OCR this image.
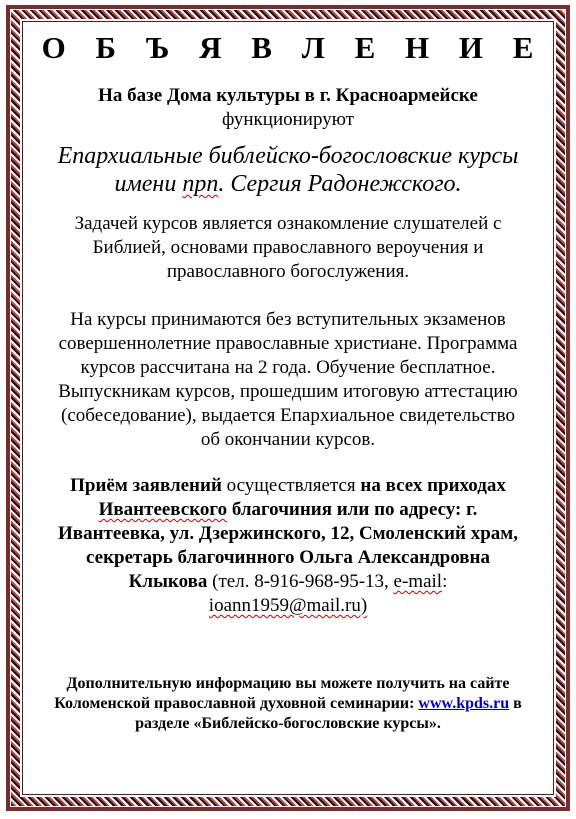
О Б Ъ Я В Л Е Н И Е
На базе Дома культуры в г. Красноармейске
функционируют
Епархиальные библейско-богословские курсы
имени прп. Сергия Радонежского.
Задачей курсов является ознакомление слушателей с
Библией, основами православного вероучения и
православного богослужения.
На курсы принимаются без вступительных экзаменов
совершеннолетние православные христиане. Программа
курсов рассчитана на 2 года. Обучение бесплатное.
Выпускникам курсов, прошедшим итоговую аттестацию
(собеседование), выдается Епархиальное свидетельство
об окончании курсов.
Приём заявлений осуществляется на всех приходах
Ивантеевского благочиния или по адресу: г.
Ивантеевка, ул. Дзержинского, 12, Смоленский храм,
секретарь благочинного Ольга Александровна
Клыкова (тел. 8-916-968-95-13, e-mail:
ioann1959@mail.ru)
Дополнительную информацию вы можете получить на сайте
Коломенской православной духовной семинарии: www.kpds.ru в
разделе «Библейско-богословские курсы».
